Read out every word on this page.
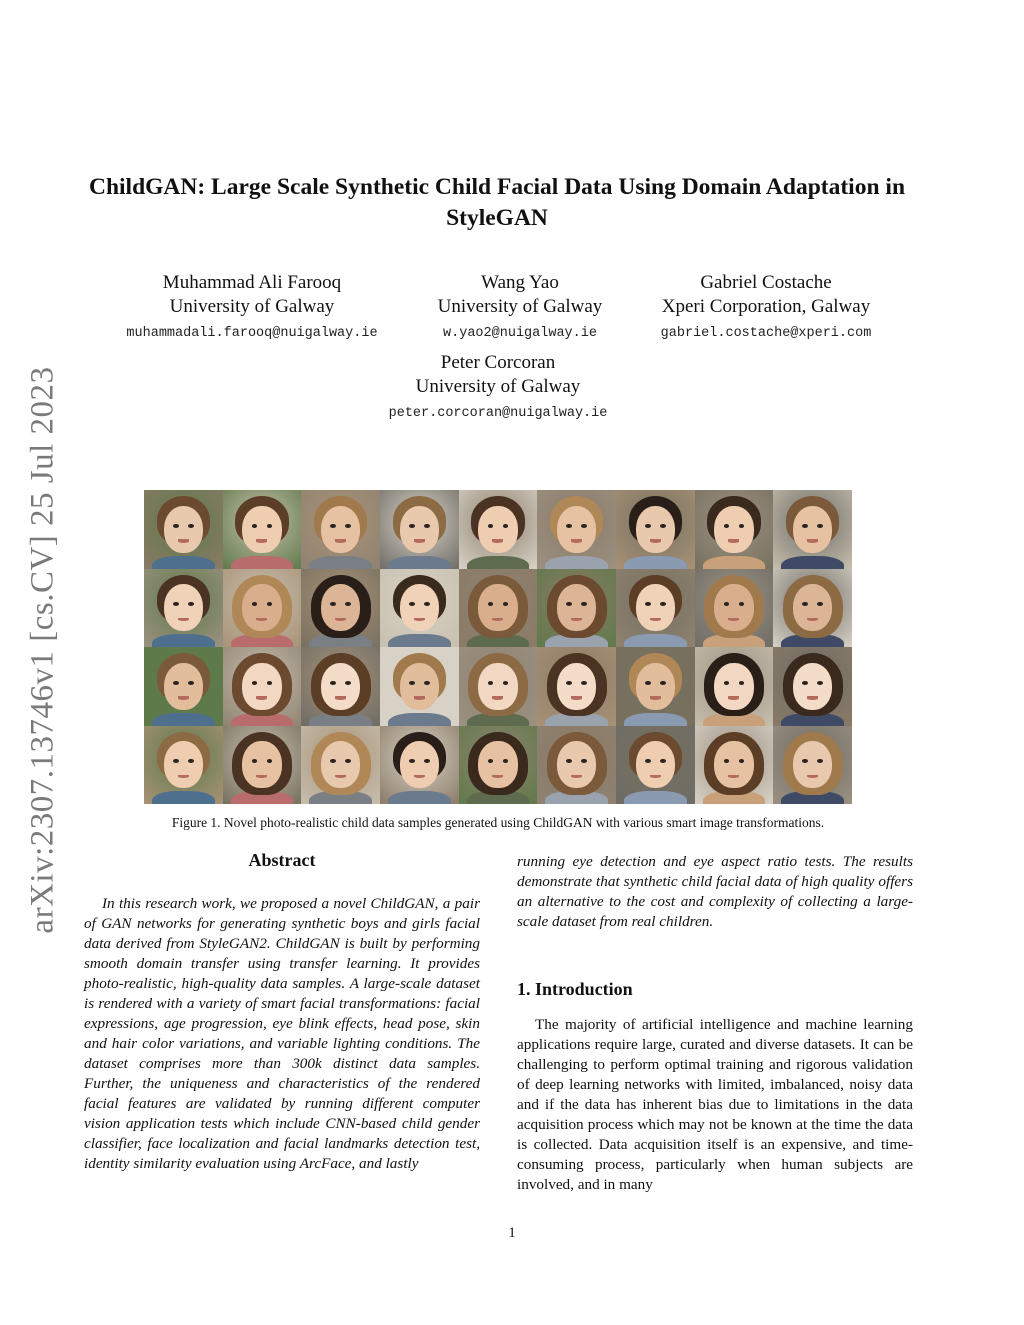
arXiv:2307.13746v1 [cs.CV] 25 Jul 2023
ChildGAN: Large Scale Synthetic Child Facial Data Using Domain Adaptation in StyleGAN
Muhammad Ali Farooq
University of Galway
muhammadali.farooq@nuigalway.ie
Wang Yao
University of Galway
w.yao2@nuigalway.ie
Gabriel Costache
Xperi Corporation, Galway
gabriel.costache@xperi.com
Peter Corcoran
University of Galway
peter.corcoran@nuigalway.ie
Figure 1. Novel photo-realistic child data samples generated using ChildGAN with various smart image transformations.
Abstract
In this research work, we proposed a novel ChildGAN, a pair of GAN networks for generating synthetic boys and girls facial data derived from StyleGAN2. ChildGAN is built by performing smooth domain transfer using transfer learning. It provides photo-realistic, high-quality data samples. A large-scale dataset is rendered with a variety of smart facial transformations: facial expressions, age progression, eye blink effects, head pose, skin and hair color variations, and variable lighting conditions. The dataset comprises more than 300k distinct data samples. Further, the uniqueness and characteristics of the rendered facial features are validated by running different computer vision application tests which include CNN-based child gender classifier, face localization and facial landmarks detection test, identity similarity evaluation using ArcFace, and lastly
running eye detection and eye aspect ratio tests. The results demonstrate that synthetic child facial data of high quality offers an alternative to the cost and complexity of collecting a large-scale dataset from real children.
1. Introduction
The majority of artificial intelligence and machine learning applications require large, curated and diverse datasets. It can be challenging to perform optimal training and rigorous validation of deep learning networks with limited, imbalanced, noisy data and if the data has inherent bias due to limitations in the data acquisition process which may not be known at the time the data is collected. Data acquisition itself is an expensive, and time-consuming process, particularly when human subjects are involved, and in many
1
